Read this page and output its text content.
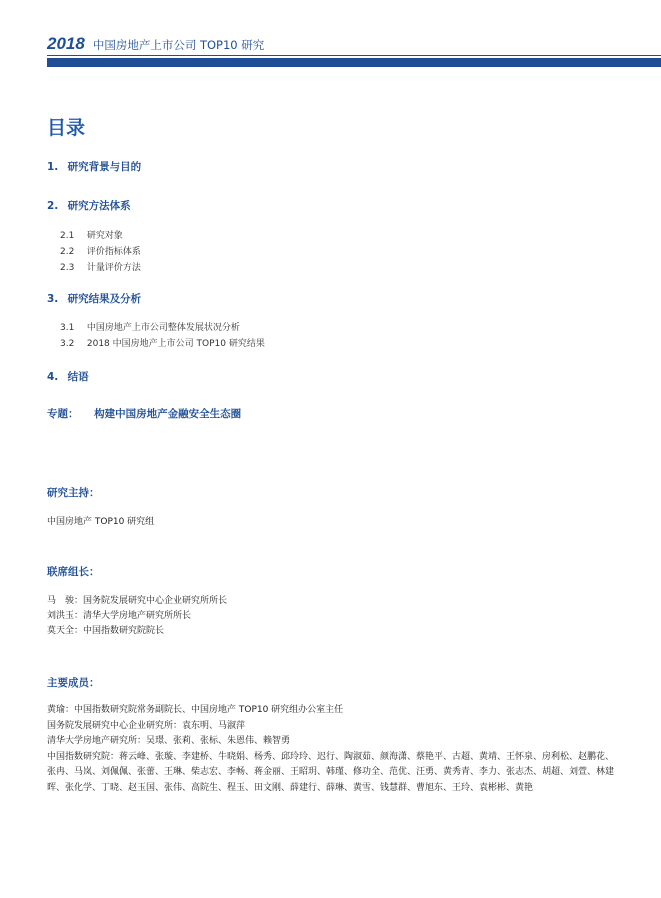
2018 中国房地产上市公司 TOP10 研究
目录
1. 研究背景与目的
2. 研究方法体系
2.1 研究对象
2.2 评价指标体系
2.3 计量评价方法
3. 研究结果及分析
3.1 中国房地产上市公司整体发展状况分析
3.2 2018 中国房地产上市公司 TOP10 研究结果
4. 结语
专题： 构建中国房地产金融安全生态圈
研究主持：
中国房地产 TOP10 研究组
联席组长：
马　骏：国务院发展研究中心企业研究所所长
刘洪玉：清华大学房地产研究所所长
莫天全：中国指数研究院院长
主要成员：
黄瑜：中国指数研究院常务副院长、中国房地产 TOP10 研究组办公室主任
国务院发展研究中心企业研究所：袁东明、马淑萍
清华大学房地产研究所：吴璟、张莉、张标、朱恩伟、赖智勇
中国指数研究院：蒋云峰、张璇、李建桥、牛晓娟、杨秀、邱玲玲、迟行、陶淑茹、颜海潇、蔡艳平、古超、黄靖、王怀泉、房利松、赵鹏花、张冉、马岚、刘佩佩、张蕾、王琳、柴志宏、李畅、蒋金丽、王昭玥、韩瑾、修功全、范优、汪勇、黄秀青、李力、张志杰、胡超、刘萱、林建晖、张化学、丁晓、赵玉国、张伟、高院生、程玉、田文刚、薛建行、薛琳、黄雪、钱慧群、曹旭东、王玲、袁彬彬、黄艳
